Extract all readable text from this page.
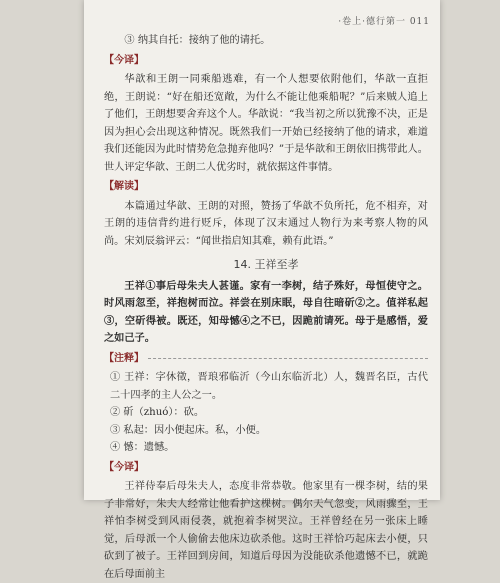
·卷上·德行第一 011

③ 纳其自托：接纳了他的请托。

【今译】

华歆和王朗一同乘船逃难，有一个人想要依附他们，华歆一直拒绝，王朗说：“好在船还宽敞，为什么不能让他乘船呢？”后来贼人追上了他们，王朗想要舍弃这个人。华歆说：“我当初之所以犹豫不决，正是因为担心会出现这种情况。既然我们一开始已经接纳了他的请求，难道我们还能因为此时情势危急抛弃他吗？”于是华歆和王朗依旧携带此人。世人评定华歆、王朗二人优劣时，就依据这件事情。

【解读】

本篇通过华歆、王朗的对照，赞扬了华歆不负所托，危不相弃，对王朗的违信背约进行贬斥，体现了汉末通过人物行为来考察人物的风尚。宋刘辰翁评云：“闻世指启知其难，赖有此语。”

14. 王祥至孝

王祥①事后母朱夫人甚谨。家有一李树，结子殊好，母恒使守之。时风雨忽至，祥抱树而泣。祥尝在别床眠，母自往暗斫②之。值祥私起③，空斫得被。既还，知母憾④之不已，因跪前请死。母于是感悟，爱之如己子。

【注释】

① 王祥：字休徵，晋琅邪临沂（今山东临沂北）人，魏晋名臣，古代二十四孝的主人公之一。

② 斫（zhuó）：砍。

③ 私起：因小便起床。私，小便。

④ 憾：遗憾。

【今译】

王祥侍奉后母朱夫人，态度非常恭敬。他家里有一棵李树，结的果子非常好，朱夫人经常让他看护这棵树。偶尔天气忽变，风雨骤至，王祥怕李树受到风雨侵袭，就抱着李树哭泣。王祥曾经在另一张床上睡觉，后母派一个人偷偷去他床边砍杀他。这时王祥恰巧起床去小便，只砍到了被子。王祥回到房间，知道后母因为没能砍杀他遗憾不已，就跪在后母面前主
